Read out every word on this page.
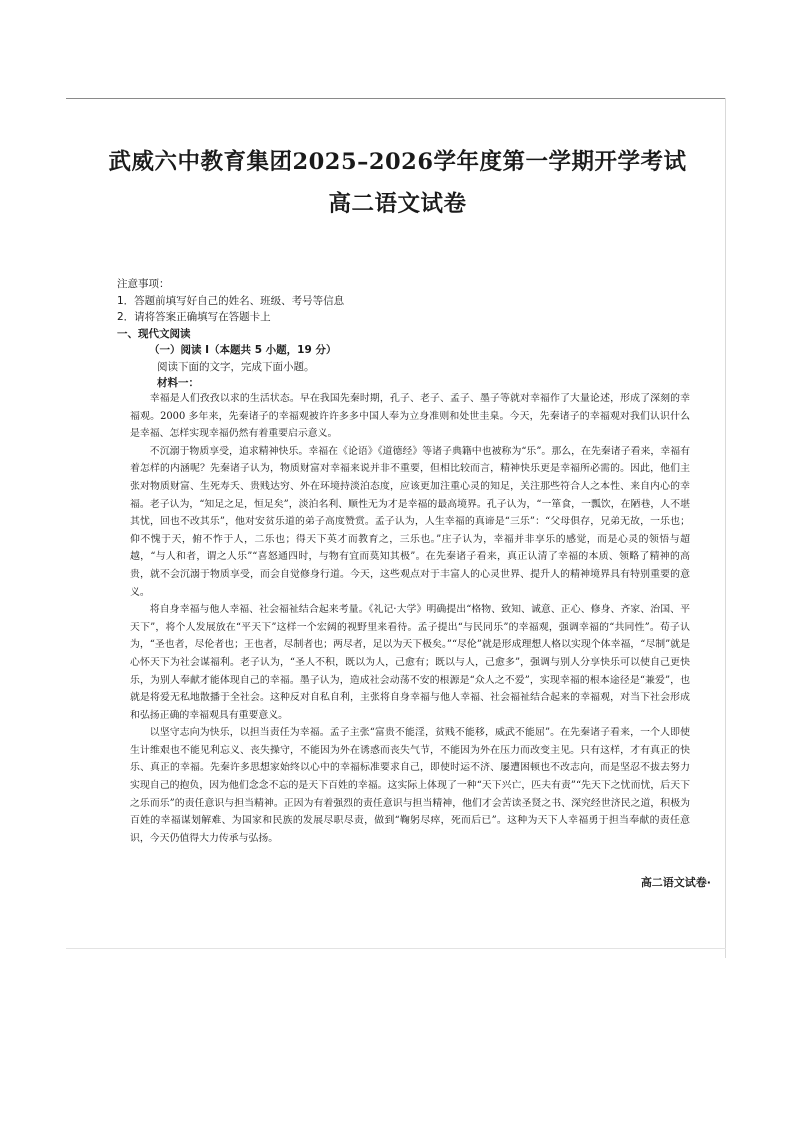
武威六中教育集团2025–2026学年度第一学期开学考试
高二语文试卷

注意事项：

1．答题前填写好自己的姓名、班级、考号等信息

2．请将答案正确填写在答题卡上

一、现代文阅读

（一）阅读 I（本题共 5 小题，19 分）

阅读下面的文字，完成下面小题。

材料一：

幸福是人们孜孜以求的生活状态。早在我国先秦时期，孔子、老子、孟子、墨子等就对幸福作了大量论述，形成了深刻的幸福观。2000 多年来，先秦诸子的幸福观被许许多多中国人奉为立身准则和处世圭臬。今天，先秦诸子的幸福观对我们认识什么是幸福、怎样实现幸福仍然有着重要启示意义。

不沉溺于物质享受，追求精神快乐。幸福在《论语》《道德经》等诸子典籍中也被称为“乐”。那么，在先秦诸子看来，幸福有着怎样的内涵呢？先秦诸子认为，物质财富对幸福来说并非不重要，但相比较而言，精神快乐更是幸福所必需的。因此，他们主张对物质财富、生死寿夭、贵贱达穷、外在环境持淡泊态度，应该更加注重心灵的知足，关注那些符合人之本性、来自内心的幸福。老子认为，“知足之足，恒足矣”，淡泊名利、顺性无为才是幸福的最高境界。孔子认为，“一箪食，一瓢饮，在陋巷，人不堪其忧，回也不改其乐”，他对安贫乐道的弟子高度赞赏。孟子认为，人生幸福的真谛是“三乐”：“父母俱存，兄弟无故，一乐也；仰不愧于天，俯不怍于人，二乐也；得天下英才而教育之，三乐也。”庄子认为，幸福并非享乐的感觉，而是心灵的领悟与超越，“与人和者，谓之人乐”“喜怒通四时，与物有宜而莫知其极”。在先秦诸子看来，真正认清了幸福的本质、领略了精神的高贵，就不会沉溺于物质享受，而会自觉修身行道。今天，这些观点对于丰富人的心灵世界、提升人的精神境界具有特别重要的意义。

将自身幸福与他人幸福、社会福祉结合起来考量。《礼记·大学》明确提出“格物、致知、诚意、正心、修身、齐家、治国、平天下”，将个人发展放在“平天下”这样一个宏阔的视野里来看待。孟子提出“与民同乐”的幸福观，强调幸福的“共同性”。荀子认为，“圣也者，尽伦者也；王也者，尽制者也；两尽者，足以为天下极矣。”“尽伦”就是形成理想人格以实现个体幸福，“尽制”就是心怀天下为社会谋福利。老子认为，“圣人不积，既以为人，己愈有；既以与人，己愈多”，强调与别人分享快乐可以使自己更快乐，为别人奉献才能体现自己的幸福。墨子认为，造成社会动荡不安的根源是“众人之不爱”，实现幸福的根本途径是“兼爱”，也就是将爱无私地散播于全社会。这种反对自私自利，主张将自身幸福与他人幸福、社会福祉结合起来的幸福观，对当下社会形成和弘扬正确的幸福观具有重要意义。

以坚守志向为快乐，以担当责任为幸福。孟子主张“富贵不能淫，贫贱不能移，威武不能屈”。在先秦诸子看来，一个人即使生计维艰也不能见利忘义、丧失操守，不能因为外在诱惑而丧失气节，不能因为外在压力而改变主见。只有这样，才有真正的快乐、真正的幸福。先秦许多思想家始终以心中的幸福标准要求自己，即使时运不济、屡遭困顿也不改志向，而是坚忍不拔去努力实现自己的抱负，因为他们念念不忘的是天下百姓的幸福。这实际上体现了一种“天下兴亡，匹夫有责”“先天下之忧而忧，后天下之乐而乐”的责任意识与担当精神。正因为有着强烈的责任意识与担当精神，他们才会苦读圣贤之书、深究经世济民之道，积极为百姓的幸福谋划解难、为国家和民族的发展尽职尽责，做到“鞠躬尽瘁，死而后已”。这种为天下人幸福勇于担当奉献的责任意识，今天仍值得大力传承与弘扬。

高二语文试卷·
